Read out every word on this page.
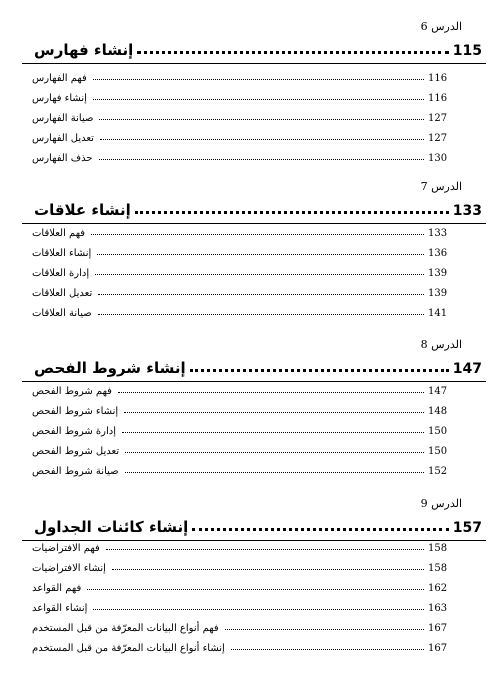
الدرس 6
إنشاء فهارس	115
فهم الفهارس	116
إنشاء فهارس	116
صيانة الفهارس	127
تعديل الفهارس	127
حذف الفهارس	130
الدرس 7
إنشاء علاقات	133
فهم العلاقات	133
إنشاء العلاقات	136
إدارة العلاقات	139
تعديل العلاقات	139
صيانة العلاقات	141
الدرس 8
إنشاء شروط الفحص	147
فهم شروط الفحص	147
إنشاء شروط الفحص	148
إدارة شروط الفحص	150
تعديل شروط الفحص	150
صيانة شروط الفحص	152
الدرس 9
إنشاء كائنات الجداول	157
فهم الافتراضيات	158
إنشاء الافتراضيات	158
فهم القواعد	162
إنشاء القواعد	163
فهم أنواع البيانات المعرّفة من قبل المستخدم	167
إنشاء أنواع البيانات المعرّفة من قبل المستخدم	167
